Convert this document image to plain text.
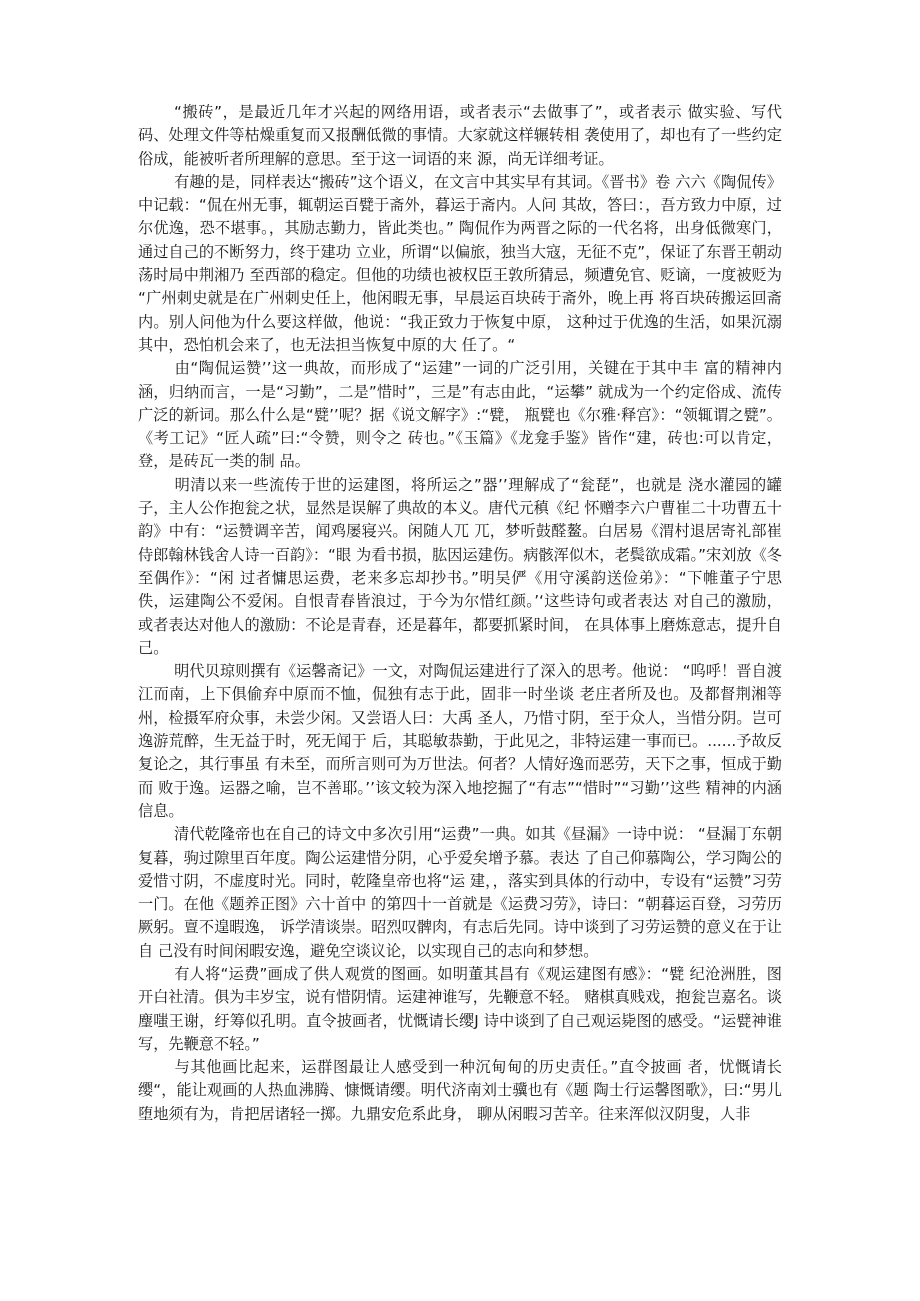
“搬砖”，是最近几年才兴起的网络用语，或者表示“去做事了”，或者表示 做实验、写代码、处理文件等枯燥重复而又报酬低微的事情。大家就这样辗转相 袭使用了，却也有了一些约定俗成，能被听者所理解的意思。至于这一词语的来 源，尚无详细考证。

有趣的是，同样表达“搬砖”这个语义，在文言中其实早有其词。《晋书》卷 六六《陶侃传》中记载：“侃在州无事，辄朝运百甓于斋外，暮运于斋内。人问 其故，答曰：，吾方致力中原，过尔优逸，恐不堪事。，其励志勤力，皆此类也。” 陶侃作为两晋之际的一代名将，出身低微寒门，通过自己的不断努力，终于建功 立业，所谓“以偏旅，独当大寇，无征不克”，保证了东晋王朝动荡时局中荆湘乃 至西部的稳定。但他的功绩也被权臣王敦所猜忌，频遭免官、贬谪，一度被贬为 “广州刺史就是在广州刺史任上，他闲暇无事，早晨运百块砖于斋外，晚上再 将百块砖搬运回斋内。别人问他为什么要这样做，他说：“我正致力于恢复中原， 这种过于优逸的生活，如果沉溺其中，恐怕机会来了，也无法担当恢复中原的大 任了。“

由“陶侃运赞’’这一典故，而形成了“运建”一词的广泛引用，关键在于其中丰 富的精神内涵，归纳而言，一是“习勤”，二是”惜时”，三是”有志由此，“运攀” 就成为一个约定俗成、流传广泛的新词。那么什么是“甓’’呢？据《说文解字》:“甓， 瓶甓也《尔雅·释宫》：“领辄谓之甓”。《考工记》“匠人疏”曰:“令赞，则令之 砖也。”《玉篇》《龙龛手鉴》皆作“建，砖也:可以肯定，登，是砖瓦一类的制 品。

明清以来一些流传于世的运建图，将所运之”器’’理解成了“瓮琵”，也就是 浇水灌园的罐子，主人公作抱瓮之状，显然是误解了典故的本义。唐代元稹《纪 怀赠李六户曹崔二十功曹五十韵》中有：“运赞调辛苦，闻鸡屡寝兴。闲随人兀 兀，梦听鼓醛鳌。白居易《渭村退居寄礼部崔侍郎翰林钱舍人诗一百韵》：“眼 为看书损，肱因运建伤。病骸浑似木，老鬓欲成霜。”宋刘放《冬至偶作》：“闲 过者慵思运费，老来多忘却抄书。”明吴俨《用守溪韵送俭弟》：“下帷董子宁思 佚，运建陶公不爱闲。自恨青春皆浪过，于今为尔惜红颜。’‘这些诗句或者表达 对自己的激励，或者表达对他人的激励：不论是青春，还是暮年，都要抓紧时间， 在具体事上磨炼意志，提升自己。

明代贝琼则撰有《运馨斋记》一文，对陶侃运建进行了深入的思考。他说： “呜呼！晋自渡江而南，上下俱偷弃中原而不恤，侃独有志于此，固非一时坐谈 老庄者所及也。及都督荆湘等州，检摄军府众事，未尝少闲。又尝语人曰：大禹 圣人，乃惜寸阴，至于众人，当惜分阴。岂可逸游荒醉，生无益于时，死无闻于 后，其聪敏恭勤，于此见之，非特运建一事而已。......予故反复论之，其行事虽 有未至，而所言则可为万世法。何者？人情好逸而恶劳，天下之事，恒成于勤而 败于逸。运器之喻，岂不善耶。’’该文较为深入地挖掘了“有志”“惜时”“习勤’’这些 精神的内涵信息。

清代乾隆帝也在自己的诗文中多次引用“运费”一典。如其《昼漏》一诗中说： “昼漏丁东朝复暮，驹过隙里百年度。陶公运建惜分阴，心乎爱矣增予慕。表达 了自己仰慕陶公，学习陶公的爱惜寸阴，不虚度时光。同时，乾隆皇帝也将“运 建，，落实到具体的行动中，专设有“运赞”习劳一门。在他《题养正图》六十首中 的第四十一首就是《运费习劳》，诗曰：“朝暮运百登，习劳历厥躬。亶不遑暇逸， 诉学清谈崇。昭烈叹髀肉，有志后先同。诗中谈到了习劳运赞的意义在于让自 己没有时间闲暇安逸，避免空谈议论，以实现自己的志向和梦想。

有人将“运费”画成了供人观赏的图画。如明董其昌有《观运建图有感》：“甓 纪沧洲胜，图开白社清。俱为丰岁宝，说有惜阴情。运建神谁写，先鞭意不轻。 赌棋真贱戏，抱瓮岂嘉名。谈麈嗤王谢，纡筹似孔明。直令披画者，忧慨请长缨J 诗中谈到了自己观运毙图的感受。“运甓神谁写，先鞭意不轻。”

与其他画比起来，运群图最让人感受到一种沉甸甸的历史责任。”直令披画 者，忧慨请长缨“，能让观画的人热血沸腾、慷慨请缨。明代济南刘士骥也有《题 陶士行运馨图歌》，曰:“男儿堕地须有为，肯把居诸轻一掷。九鼎安危系此身， 聊从闲暇习苦辛。往来浑似汉阴叟，人非
